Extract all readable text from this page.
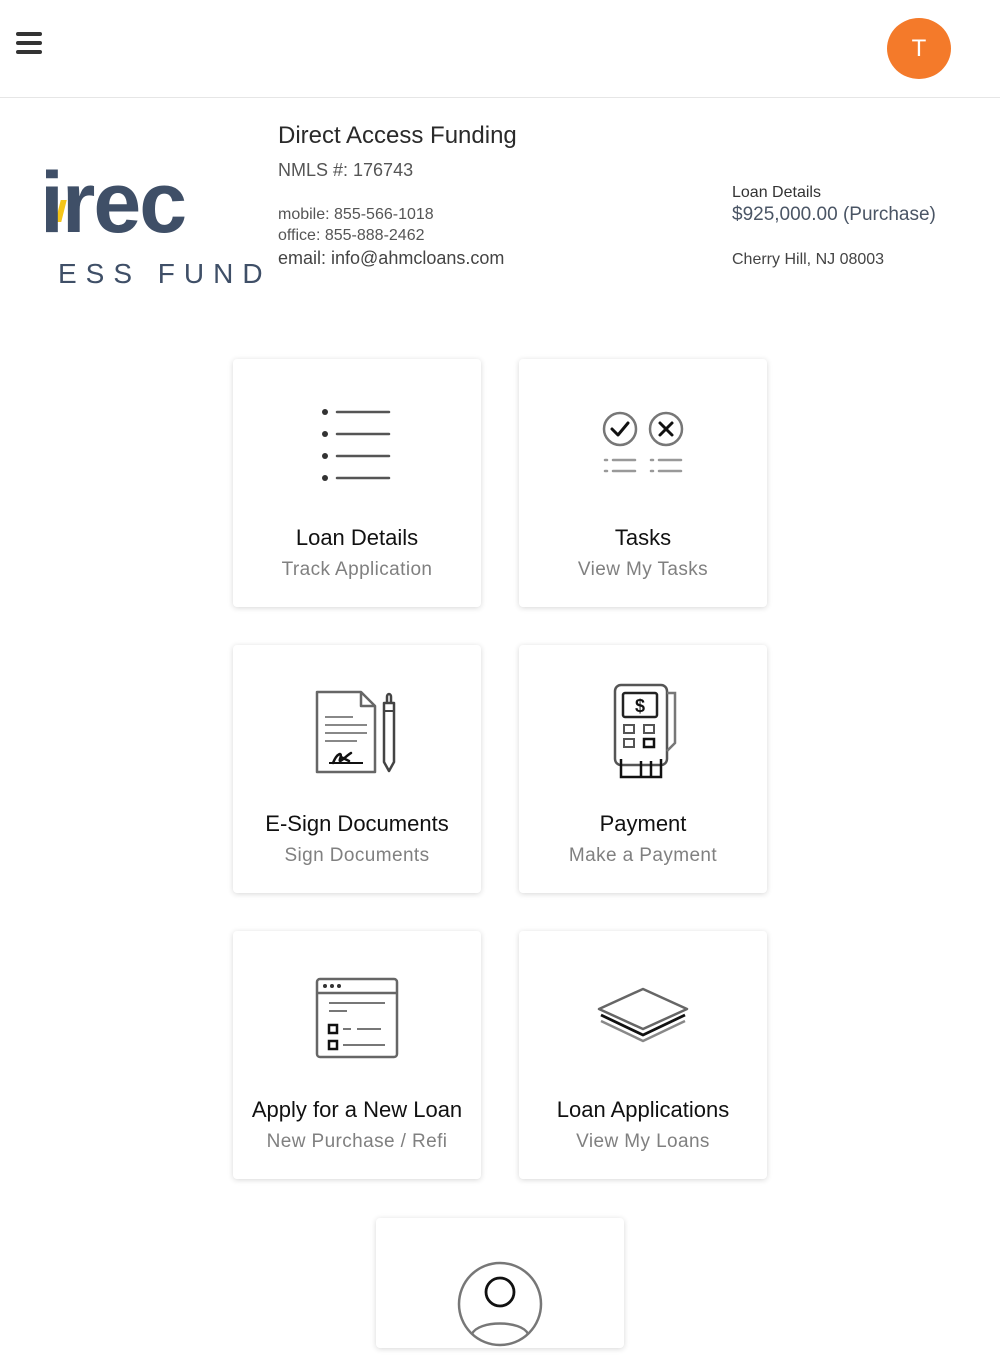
T
irec
ESS FUND
Direct Access Funding
NMLS #: 176743
mobile: 855-566-1018
office: 855-888-2462
email: info@ahmcloans.com
Loan Details
$925,000.00 (Purchase)
Cherry Hill, NJ 08003
Loan Details
Track Application
Tasks
View My Tasks
E-Sign Documents
Sign Documents
$
Payment
Make a Payment
Apply for a New Loan
New Purchase / Refi
Loan Applications
View My Loans
